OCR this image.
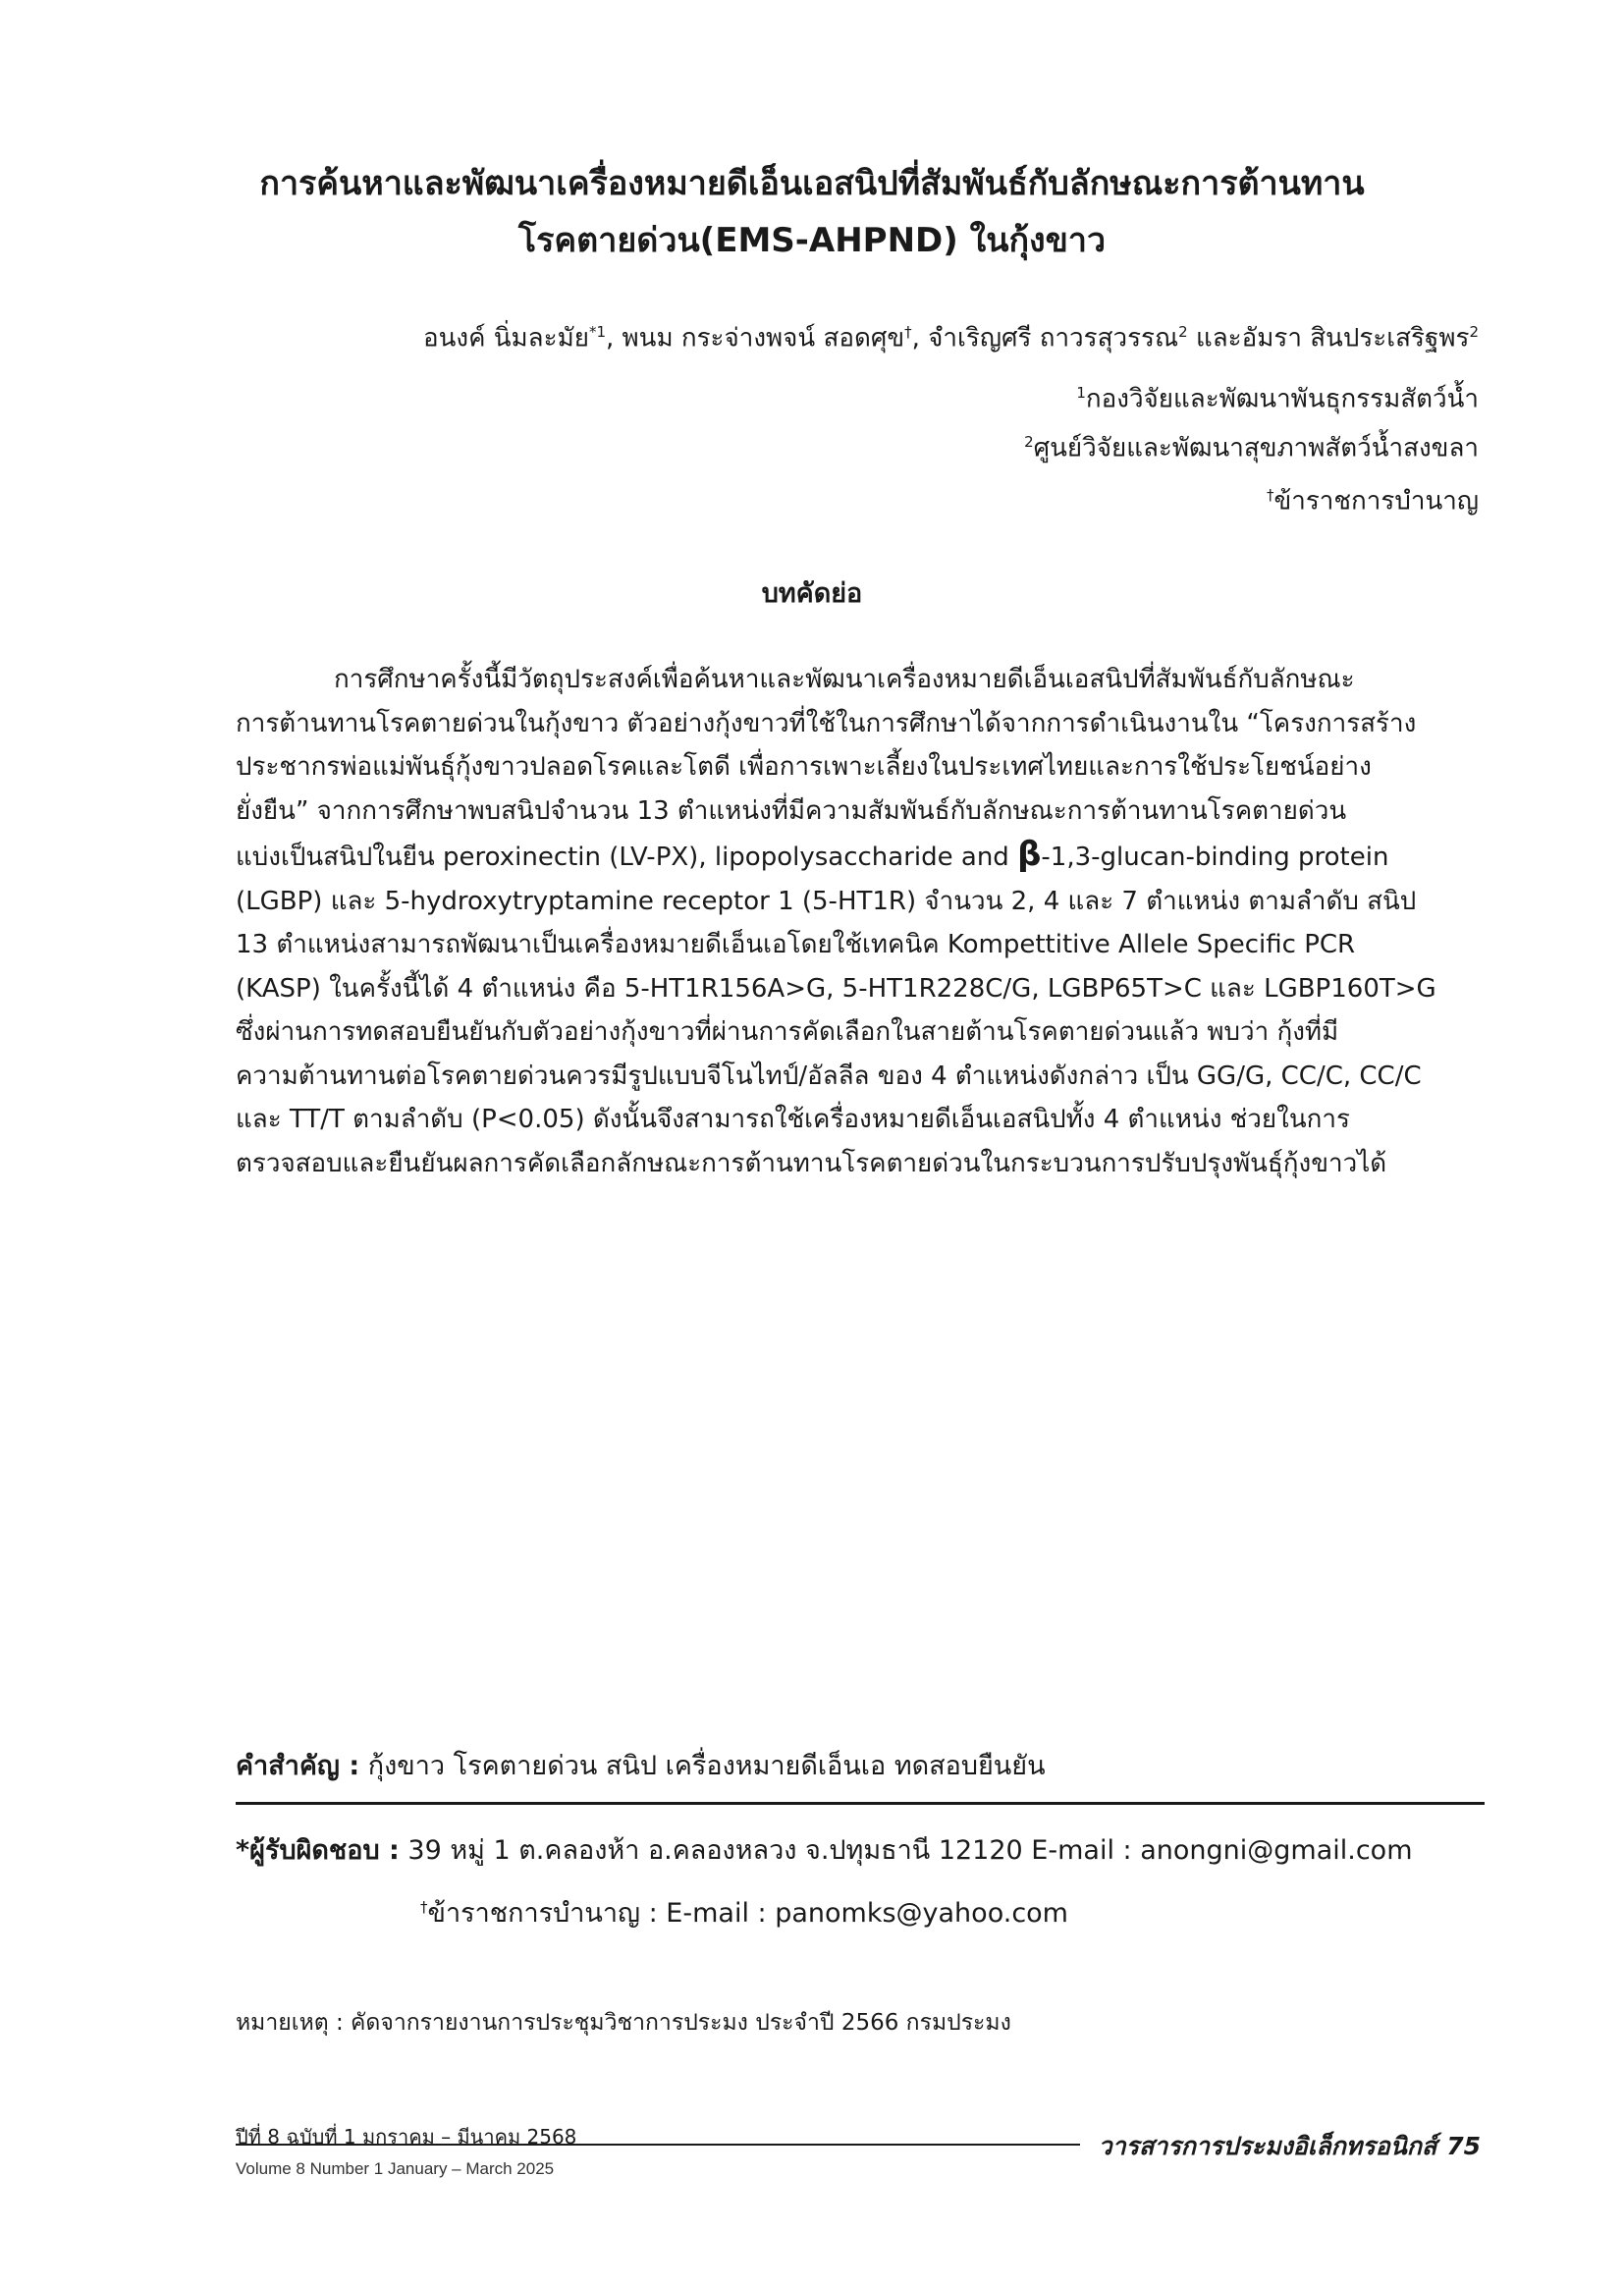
การค้นหาและพัฒนาเครื่องหมายดีเอ็นเอสนิปที่สัมพันธ์กับลักษณะการต้านทาน
โรคตายด่วน(EMS-AHPND) ในกุ้งขาว
อนงค์ นิ่มละมัย$^{*1}$, พนม กระจ่างพจน์ สอดศุข†, จำเริญศรี ถาวรสุวรรณ$^2$ และอัมรา สินประเสริฐพร$^2$
$^1$กองวิจัยและพัฒนาพันธุกรรมสัตว์น้ำ
$^2$ศูนย์วิจัยและพัฒนาสุขภาพสัตว์น้ำสงขลา
†ข้าราชการบำนาญ
บทคัดย่อ
การศึกษาครั้งนี้มีวัตถุประสงค์เพื่อค้นหาและพัฒนาเครื่องหมายดีเอ็นเอสนิปที่สัมพันธ์กับลักษณะ
การต้านทานโรคตายด่วนในกุ้งขาว ตัวอย่างกุ้งขาวที่ใช้ในการศึกษาได้จากการดำเนินงานใน “โครงการสร้าง
ประชากรพ่อแม่พันธุ์กุ้งขาวปลอดโรคและโตดี เพื่อการเพาะเลี้ยงในประเทศไทยและการใช้ประโยชน์อย่าง
ยั่งยืน” จากการศึกษาพบสนิปจำนวน 13 ตำแหน่งที่มีความสัมพันธ์กับลักษณะการต้านทานโรคตายด่วน
แบ่งเป็นสนิปในยีน peroxinectin (LV-PX), lipopolysaccharide and β-1,3-glucan-binding protein
(LGBP) และ 5-hydroxytryptamine receptor 1 (5-HT1R) จำนวน 2, 4 และ 7 ตำแหน่ง ตามลำดับ สนิป
13 ตำแหน่งสามารถพัฒนาเป็นเครื่องหมายดีเอ็นเอโดยใช้เทคนิค Kompettitive Allele Specific PCR
(KASP) ในครั้งนี้ได้ 4 ตำแหน่ง คือ 5-HT1R156A>G, 5-HT1R228C/G, LGBP65T>C และ LGBP160T>G
ซึ่งผ่านการทดสอบยืนยันกับตัวอย่างกุ้งขาวที่ผ่านการคัดเลือกในสายต้านโรคตายด่วนแล้ว พบว่า กุ้งที่มี
ความต้านทานต่อโรคตายด่วนควรมีรูปแบบจีโนไทป์/อัลลีล ของ 4 ตำแหน่งดังกล่าว เป็น GG/G, CC/C, CC/C
และ TT/T ตามลำดับ (P<0.05) ดังนั้นจึงสามารถใช้เครื่องหมายดีเอ็นเอสนิปทั้ง 4 ตำแหน่ง ช่วยในการ
ตรวจสอบและยืนยันผลการคัดเลือกลักษณะการต้านทานโรคตายด่วนในกระบวนการปรับปรุงพันธุ์กุ้งขาวได้
คำสำคัญ : กุ้งขาว โรคตายด่วน สนิป เครื่องหมายดีเอ็นเอ ทดสอบยืนยัน
*ผู้รับผิดชอบ : 39 หมู่ 1 ต.คลองห้า อ.คลองหลวง จ.ปทุมธานี 12120 E-mail : anongni@gmail.com
†ข้าราชการบำนาญ : E-mail : panomks@yahoo.com
หมายเหตุ : คัดจากรายงานการประชุมวิชาการประมง ประจำปี 2566 กรมประมง
ปีที่ 8 ฉบับที่ 1 มกราคม – มีนาคม 2568
Volume 8 Number 1 January – March 2025
วารสารการประมงอิเล็กทรอนิกส์ 75
